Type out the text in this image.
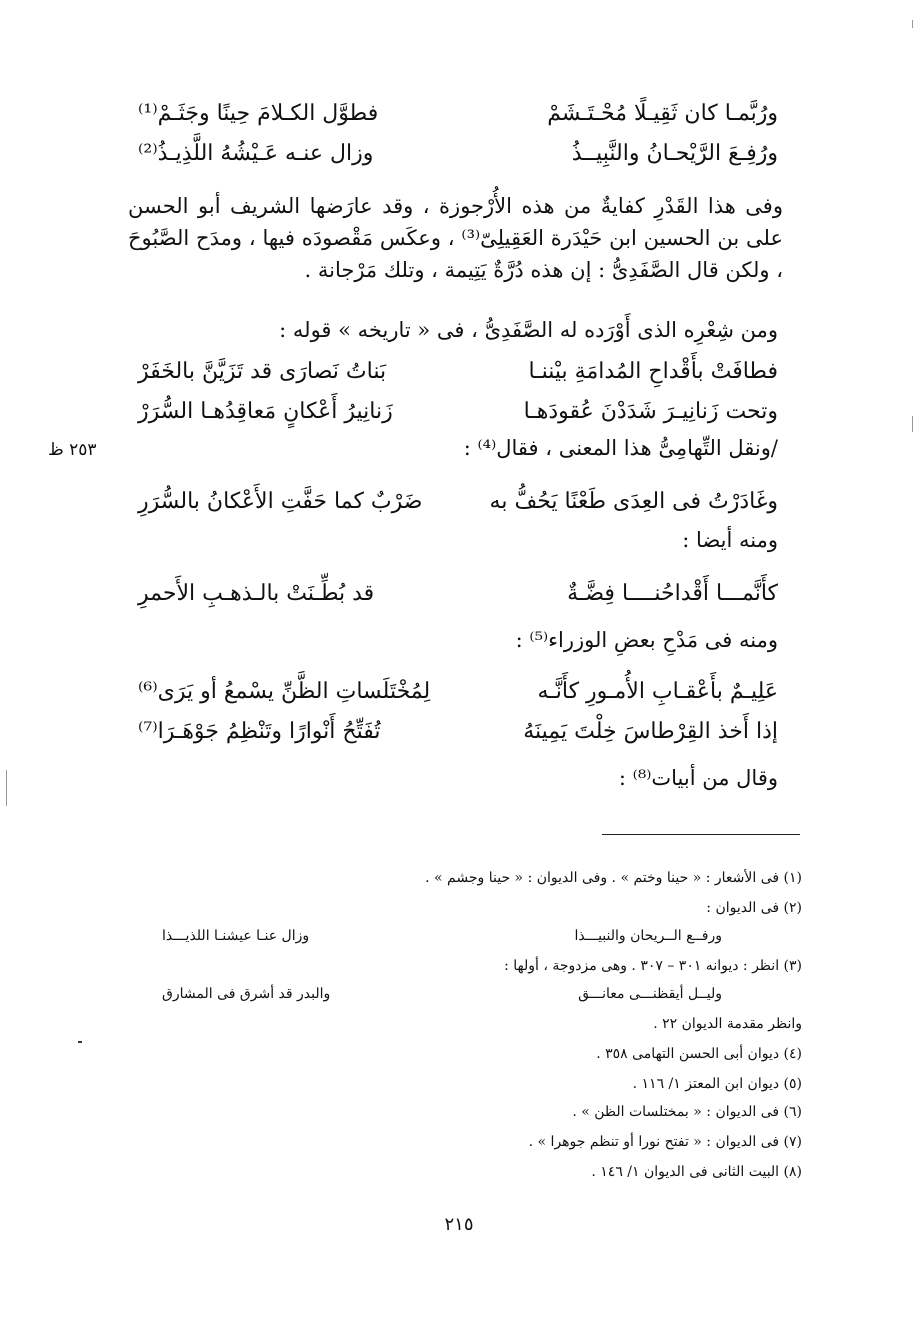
ورُبَّمـا كان ثَقِيـلًا مُحْـتَـشَمْ
فطوَّل الكـلامَ حِينًا وجَثَـمْ⁽¹⁾
ورُفِـعَ الرَّيْحـانُ والنَّبِيــذُ
وزال عنـه عَـيْشُهُ اللَّذِيـذُ⁽²⁾
وفى هذا القَدْرِ كفايةٌ من هذه الأُرْجوزة ، وقد عارَضها الشريف أبو الحسن على بن الحسين ابن حَيْدَرة العَقِيلِىّ⁽³⁾ ، وعكَس مَقْصودَه فيها ، ومدَح الصَّبُوحَ ، ولكن قال الصَّفَدِىُّ : إن هذه دُرَّةٌ يَتِيمة ، وتلك مَرْجانة .
ومن شِعْرِه الذى أَوْرَده له الصَّفَدِىُّ ، فى « تاريخه » قوله :
فطافَتْ بأَقْداحِ المُدامَةِ بيْننـا
بَناتُ نَصارَى قد تَزَيَّنَّ بالخَفَرْ
وتحت زَنانِيـرَ شَدَدْنَ عُقودَهـا
زَنانِيرُ أَعْكانٍ مَعاقِدُهـا السُّرَرْ
/ونقل التِّهامِىُّ هذا المعنى ، فقال⁽⁴⁾ :
٢٥٣ ظ
وغَادَرْتُ فى العِدَى طَعْنًا يَحُفُّ به
ضَرْبٌ كما حَفَّتِ الأَعْكانُ بالسُّرَرِ
ومنه أيضا :
كأَنَّمـــا أَقْداحُنــــا فِضَّـةٌ
قد بُطِّـنَتْ بالـذهـبِ الأَحمرِ
ومنه فى مَدْحِ بعضِ الوزراء⁽⁵⁾ :
عَلِيـمٌ بأَعْقـابِ الأُمـورِ كأَنَّـه
لِمُخْتَلَساتِ الظَّنِّ يسْمعُ أو يَرَى⁽⁶⁾
إذا أَخذ القِرْطاسَ خِلْتَ يَمِينَهُ
تُفَتِّحُ أَنْوارًا وتَنْظِمُ جَوْهَـرَا⁽⁷⁾
وقال من أبيات⁽⁸⁾ :
(١) فى الأشعار : « حينا وختم » . وفى الديوان : « حينا وجشم » .
(٢) فى الديوان :
ورفــع الــريحان والنبيـــذا
وزال عنـا عيشنـا اللذيـــذا
(٣) انظر : ديوانه ٣٠١ – ٣٠٧ . وهى مزدوجة ، أولها :
وليــل أيقظنـــى معانـــق
والبدر قد أشرق فى المشارق
وانظر مقدمة الديوان ٢٢ .
(٤) ديوان أبى الحسن التهامى ٣٥٨ .
(٥) ديوان ابن المعتز ١/ ١١٦ .
(٦) فى الديوان : « بمختلسات الظن » .
(٧) فى الديوان : « تفتح نورا أو تنظم جوهرا » .
(٨) البيت الثانى فى الديوان ١/ ١٤٦ .
٢١٥
